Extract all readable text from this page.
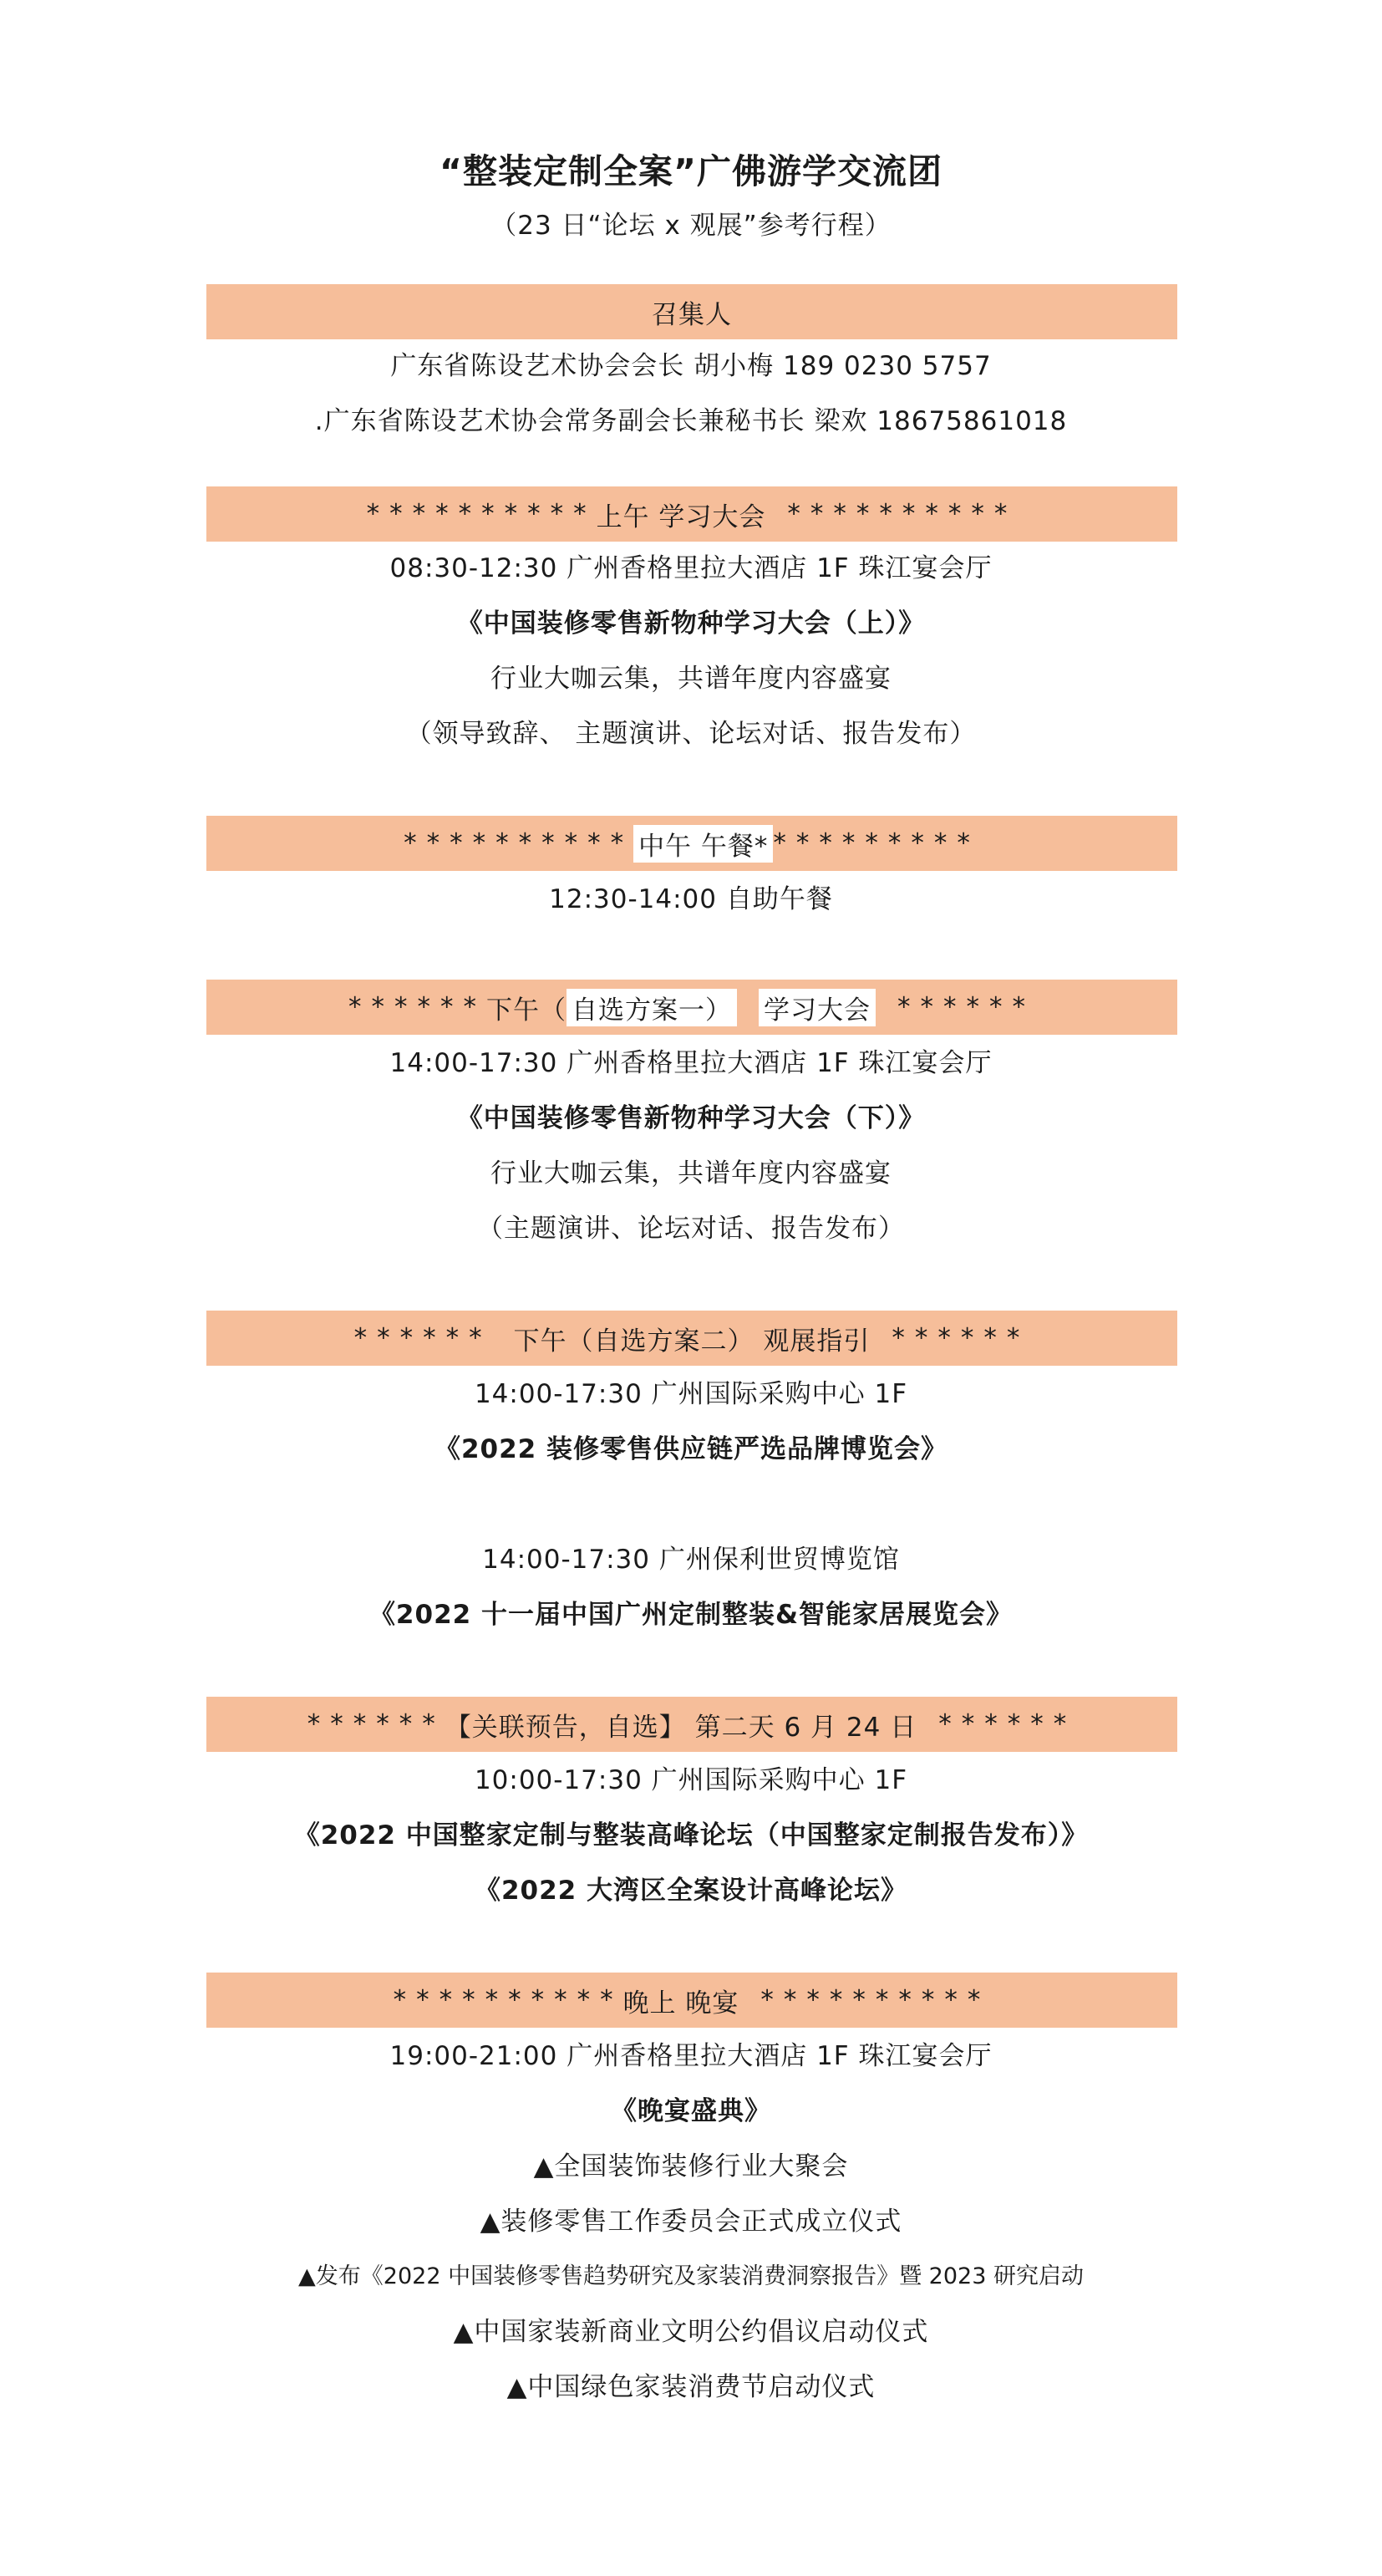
“整装定制全案”广佛游学交流团
（23 日“论坛 x 观展”参考行程）
召集人
广东省陈设艺术协会会长 胡小梅 189 0230 5757
.广东省陈设艺术协会常务副会长兼秘书长 梁欢 18675861018
********** 上午 学习大会 **********
08:30-12:30 广州香格里拉大酒店 1F 珠江宴会厅
《中国装修零售新物种学习大会（上）》
行业大咖云集，共谱年度内容盛宴
（领导致辞、 主题演讲、论坛对话、报告发布）
********** 中午 午餐* *********
12:30-14:00 自助午餐
****** 下午（ 自选方案一） 学习大会 ******
14:00-17:30 广州香格里拉大酒店 1F 珠江宴会厅
《中国装修零售新物种学习大会（下）》
行业大咖云集，共谱年度内容盛宴
（主题演讲、论坛对话、报告发布）
****** 下午（自选方案二） 观展指引 ******
14:00-17:30 广州国际采购中心 1F
《2022 装修零售供应链严选品牌博览会》
14:00-17:30 广州保利世贸博览馆
《2022 十一届中国广州定制整装&智能家居展览会》
****** 【关联预告，自选】 第二天 6 月 24 日 ******
10:00-17:30 广州国际采购中心 1F
《2022 中国整家定制与整装高峰论坛（中国整家定制报告发布）》
《2022 大湾区全案设计高峰论坛》
********** 晚上 晚宴 **********
19:00-21:00 广州香格里拉大酒店 1F 珠江宴会厅
《晚宴盛典》
▲全国装饰装修行业大聚会
▲装修零售工作委员会正式成立仪式
▲发布《2022 中国装修零售趋势研究及家装消费洞察报告》暨 2023 研究启动
▲中国家装新商业文明公约倡议启动仪式
▲中国绿色家装消费节启动仪式
